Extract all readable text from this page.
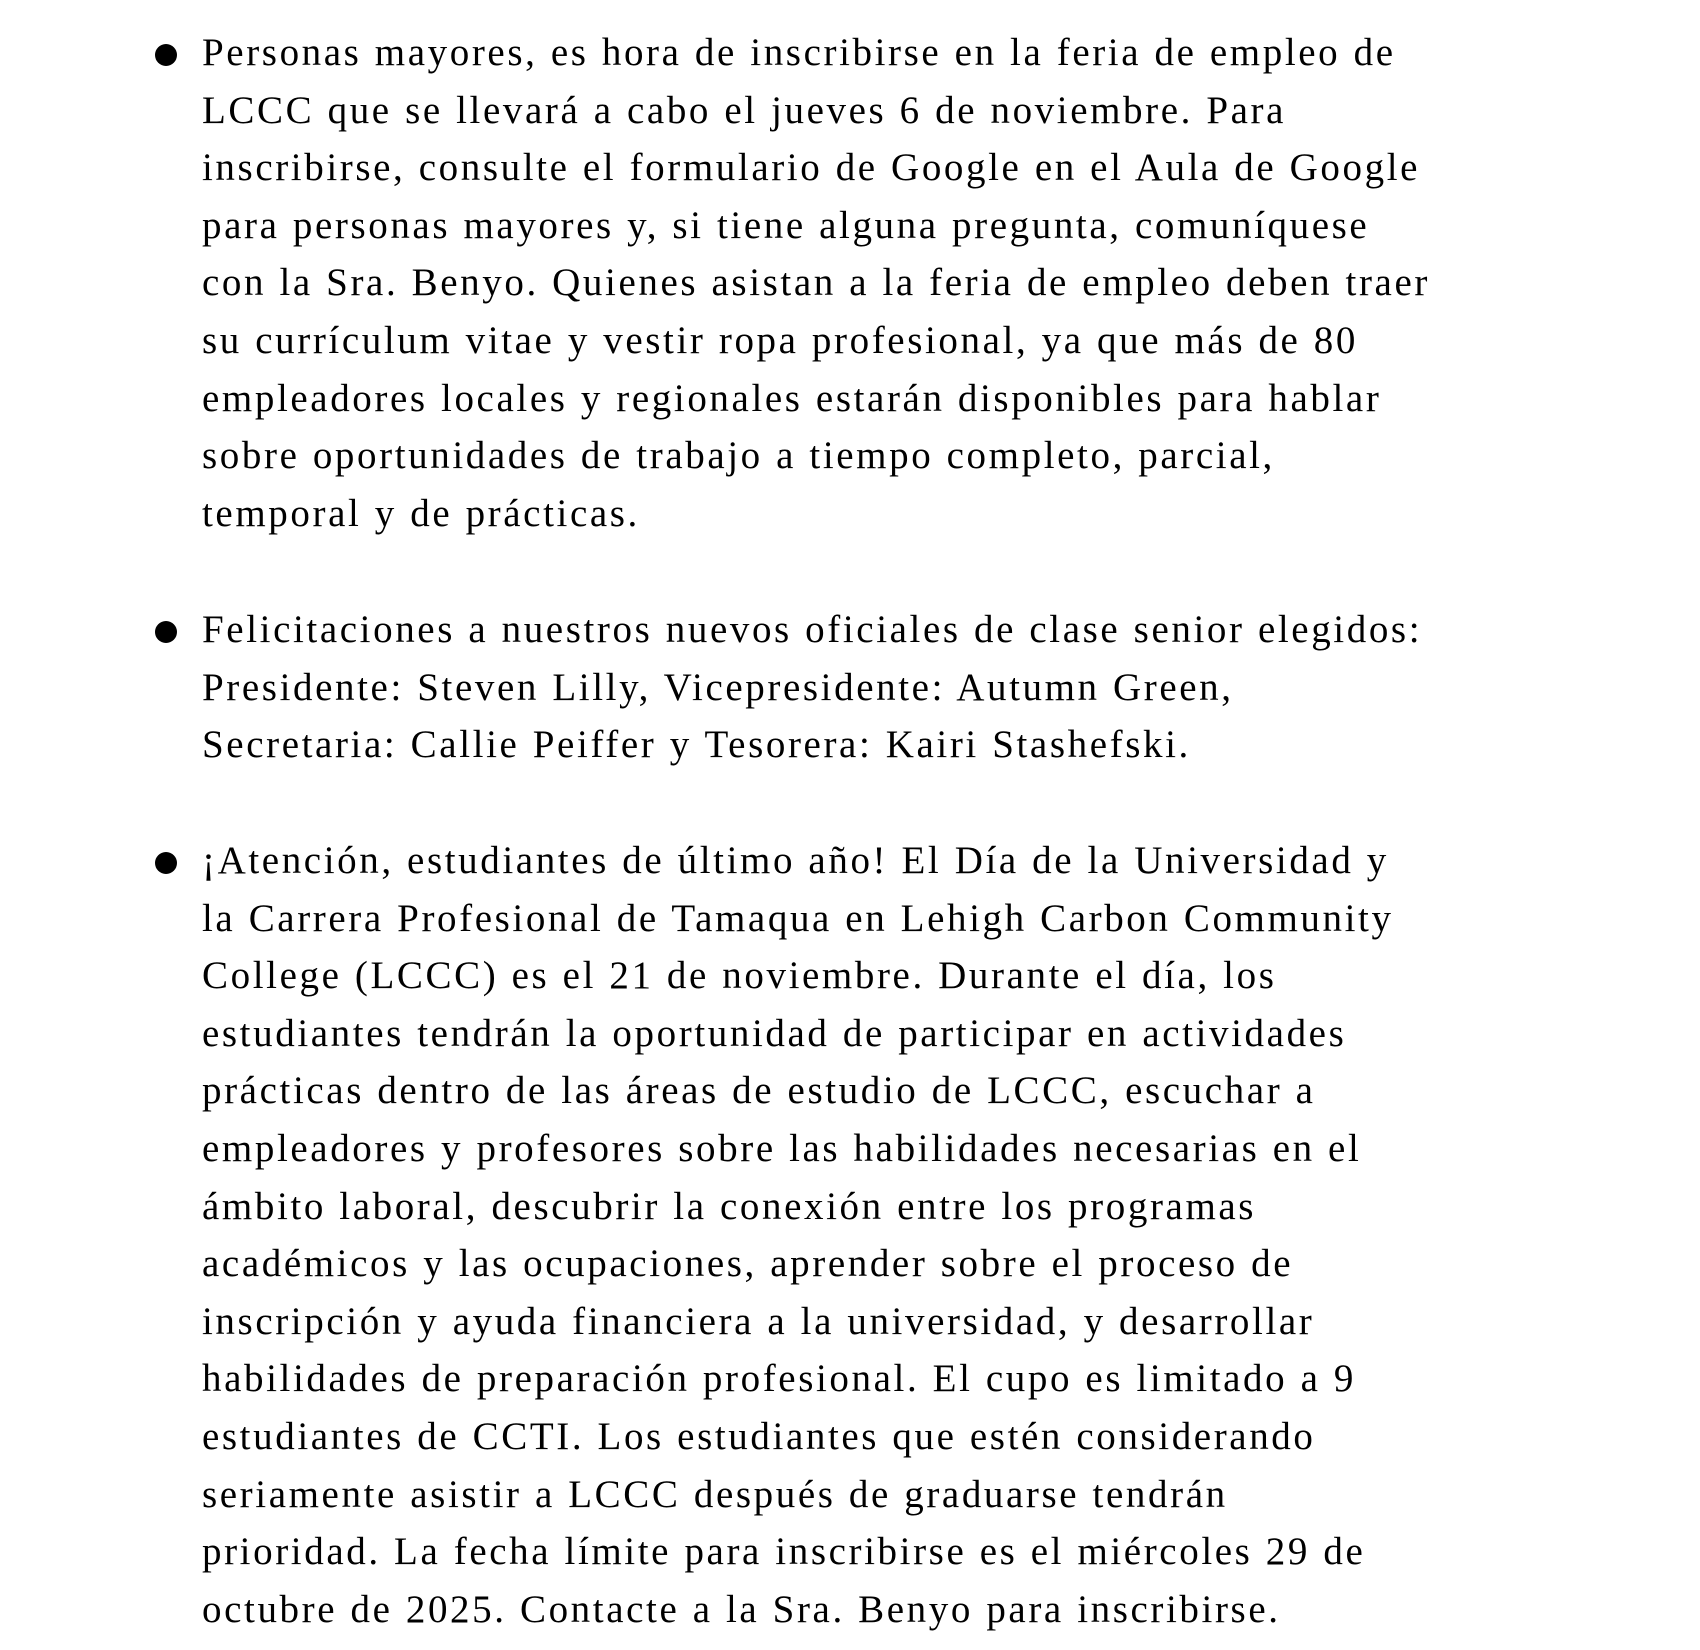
Personas mayores, es hora de inscribirse en la feria de empleo de
LCCC que se llevará a cabo el jueves 6 de noviembre. Para
inscribirse, consulte el formulario de Google en el Aula de Google
para personas mayores y, si tiene alguna pregunta, comuníquese
con la Sra. Benyo. Quienes asistan a la feria de empleo deben traer
su currículum vitae y vestir ropa profesional, ya que más de 80
empleadores locales y regionales estarán disponibles para hablar
sobre oportunidades de trabajo a tiempo completo, parcial,
temporal y de prácticas.
Felicitaciones a nuestros nuevos oficiales de clase senior elegidos:
Presidente: Steven Lilly, Vicepresidente: Autumn Green,
Secretaria: Callie Peiffer y Tesorera: Kairi Stashefski.
¡Atención, estudiantes de último año! El Día de la Universidad y
la Carrera Profesional de Tamaqua en Lehigh Carbon Community
College (LCCC) es el 21 de noviembre. Durante el día, los
estudiantes tendrán la oportunidad de participar en actividades
prácticas dentro de las áreas de estudio de LCCC, escuchar a
empleadores y profesores sobre las habilidades necesarias en el
ámbito laboral, descubrir la conexión entre los programas
académicos y las ocupaciones, aprender sobre el proceso de
inscripción y ayuda financiera a la universidad, y desarrollar
habilidades de preparación profesional. El cupo es limitado a 9
estudiantes de CCTI. Los estudiantes que estén considerando
seriamente asistir a LCCC después de graduarse tendrán
prioridad. La fecha límite para inscribirse es el miércoles 29 de
octubre de 2025. Contacte a la Sra. Benyo para inscribirse.
